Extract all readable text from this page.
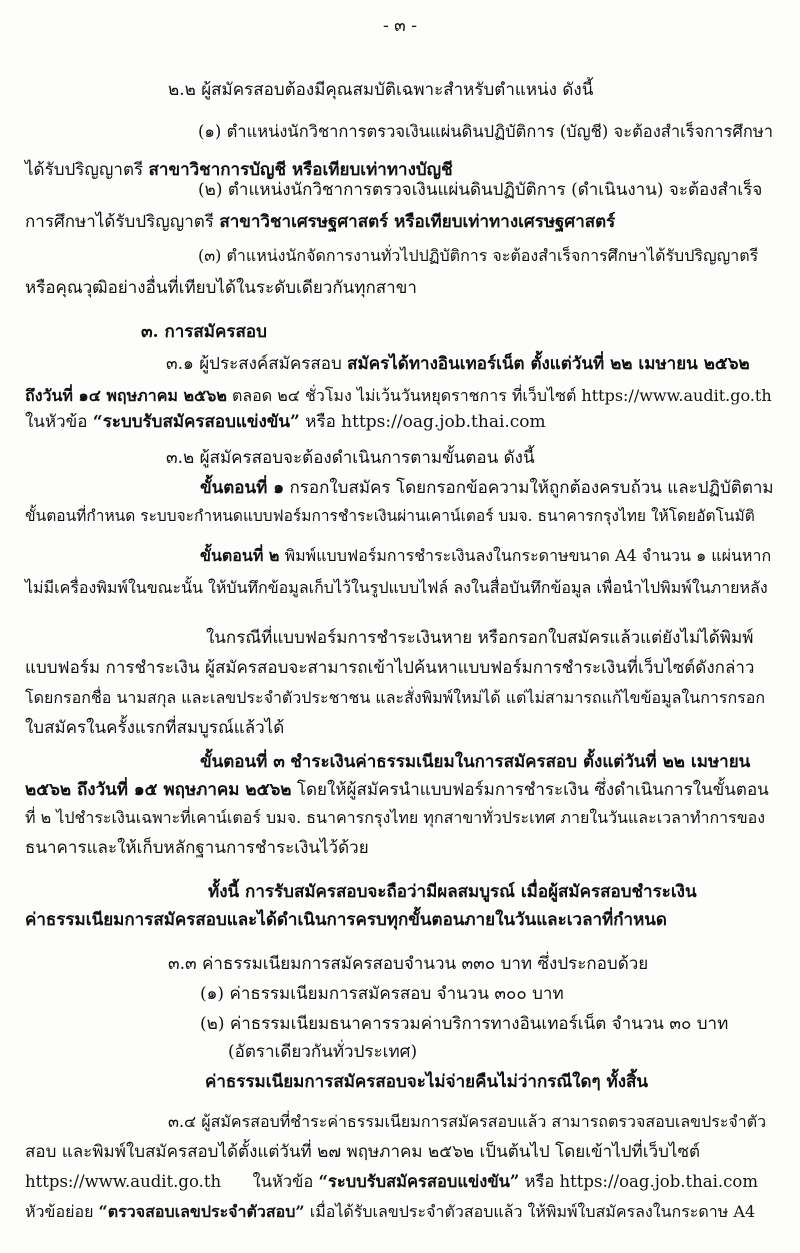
- ๓ -
๒.๒ ผู้สมัครสอบต้องมีคุณสมบัติเฉพาะสำหรับตำแหน่ง ดังนี้
(๑) ตำแหน่งนักวิชาการตรวจเงินแผ่นดินปฏิบัติการ (บัญชี) จะต้องสำเร็จการศึกษา
ได้รับปริญญาตรี สาขาวิชาการบัญชี หรือเทียบเท่าทางบัญชี
(๒) ตำแหน่งนักวิชาการตรวจเงินแผ่นดินปฏิบัติการ (ดำเนินงาน) จะต้องสำเร็จ
การศึกษาได้รับปริญญาตรี สาขาวิชาเศรษฐศาสตร์ หรือเทียบเท่าทางเศรษฐศาสตร์
(๓) ตำแหน่งนักจัดการงานทั่วไปปฏิบัติการ จะต้องสำเร็จการศึกษาได้รับปริญญาตรี
หรือคุณวุฒิอย่างอื่นที่เทียบได้ในระดับเดียวกันทุกสาขา
๓. การสมัครสอบ
๓.๑ ผู้ประสงค์สมัครสอบ สมัครได้ทางอินเทอร์เน็ต ตั้งแต่วันที่ ๒๒ เมษายน ๒๕๖๒
ถึงวันที่ ๑๔ พฤษภาคม ๒๕๖๒ ตลอด ๒๔ ชั่วโมง ไม่เว้นวันหยุดราชการ ที่เว็บไซต์ https://www.audit.go.th
ในหัวข้อ “ระบบรับสมัครสอบแข่งขัน” หรือ https://oag.job.thai.com
๓.๒ ผู้สมัครสอบจะต้องดำเนินการตามขั้นตอน ดังนี้
ขั้นตอนที่ ๑ กรอกใบสมัคร โดยกรอกข้อความให้ถูกต้องครบถ้วน และปฏิบัติตาม
ขั้นตอนที่กำหนด ระบบจะกำหนดแบบฟอร์มการชำระเงินผ่านเคาน์เตอร์ บมจ. ธนาคารกรุงไทย ให้โดยอัตโนมัติ
ขั้นตอนที่ ๒ พิมพ์แบบฟอร์มการชำระเงินลงในกระดาษขนาด A4 จำนวน ๑ แผ่นหาก
ไม่มีเครื่องพิมพ์ในขณะนั้น ให้บันทึกข้อมูลเก็บไว้ในรูปแบบไฟล์ ลงในสื่อบันทึกข้อมูล เพื่อนำไปพิมพ์ในภายหลัง
ในกรณีที่แบบฟอร์มการชำระเงินหาย หรือกรอกใบสมัครแล้วแต่ยังไม่ได้พิมพ์
แบบฟอร์ม การชำระเงิน ผู้สมัครสอบจะสามารถเข้าไปค้นหาแบบฟอร์มการชำระเงินที่เว็บไซต์ดังกล่าว
โดยกรอกชื่อ นามสกุล และเลขประจำตัวประชาชน และสั่งพิมพ์ใหม่ได้ แต่ไม่สามารถแก้ไขข้อมูลในการกรอก
ใบสมัครในครั้งแรกที่สมบูรณ์แล้วได้
ขั้นตอนที่ ๓ ชำระเงินค่าธรรมเนียมในการสมัครสอบ ตั้งแต่วันที่ ๒๒ เมษายน
๒๕๖๒ ถึงวันที่ ๑๕ พฤษภาคม ๒๕๖๒ โดยให้ผู้สมัครนำแบบฟอร์มการชำระเงิน ซึ่งดำเนินการในขั้นตอน
ที่ ๒ ไปชำระเงินเฉพาะที่เคาน์เตอร์ บมจ. ธนาคารกรุงไทย ทุกสาขาทั่วประเทศ ภายในวันและเวลาทำการของ
ธนาคารและให้เก็บหลักฐานการชำระเงินไว้ด้วย
ทั้งนี้ การรับสมัครสอบจะถือว่ามีผลสมบูรณ์ เมื่อผู้สมัครสอบชำระเงิน
ค่าธรรมเนียมการสมัครสอบและได้ดำเนินการครบทุกขั้นตอนภายในวันและเวลาที่กำหนด
๓.๓ ค่าธรรมเนียมการสมัครสอบจำนวน ๓๓๐ บาท ซึ่งประกอบด้วย
(๑) ค่าธรรมเนียมการสมัครสอบ จำนวน ๓๐๐ บาท
(๒) ค่าธรรมเนียมธนาคารรวมค่าบริการทางอินเทอร์เน็ต จำนวน ๓๐ บาท
(อัตราเดียวกันทั่วประเทศ)
ค่าธรรมเนียมการสมัครสอบจะไม่จ่ายคืนไม่ว่ากรณีใดๆ ทั้งสิ้น
๓.๔ ผู้สมัครสอบที่ชำระค่าธรรมเนียมการสมัครสอบแล้ว สามารถตรวจสอบเลขประจำตัว
สอบ และพิมพ์ใบสมัครสอบได้ตั้งแต่วันที่ ๒๗ พฤษภาคม ๒๕๖๒ เป็นต้นไป โดยเข้าไปที่เว็บไซต์
https://www.audit.go.th ในหัวข้อ “ระบบรับสมัครสอบแข่งขัน” หรือ https://oag.job.thai.com
หัวข้อย่อย “ตรวจสอบเลขประจำตัวสอบ” เมื่อได้รับเลขประจำตัวสอบแล้ว ให้พิมพ์ใบสมัครลงในกระดาษ A4
